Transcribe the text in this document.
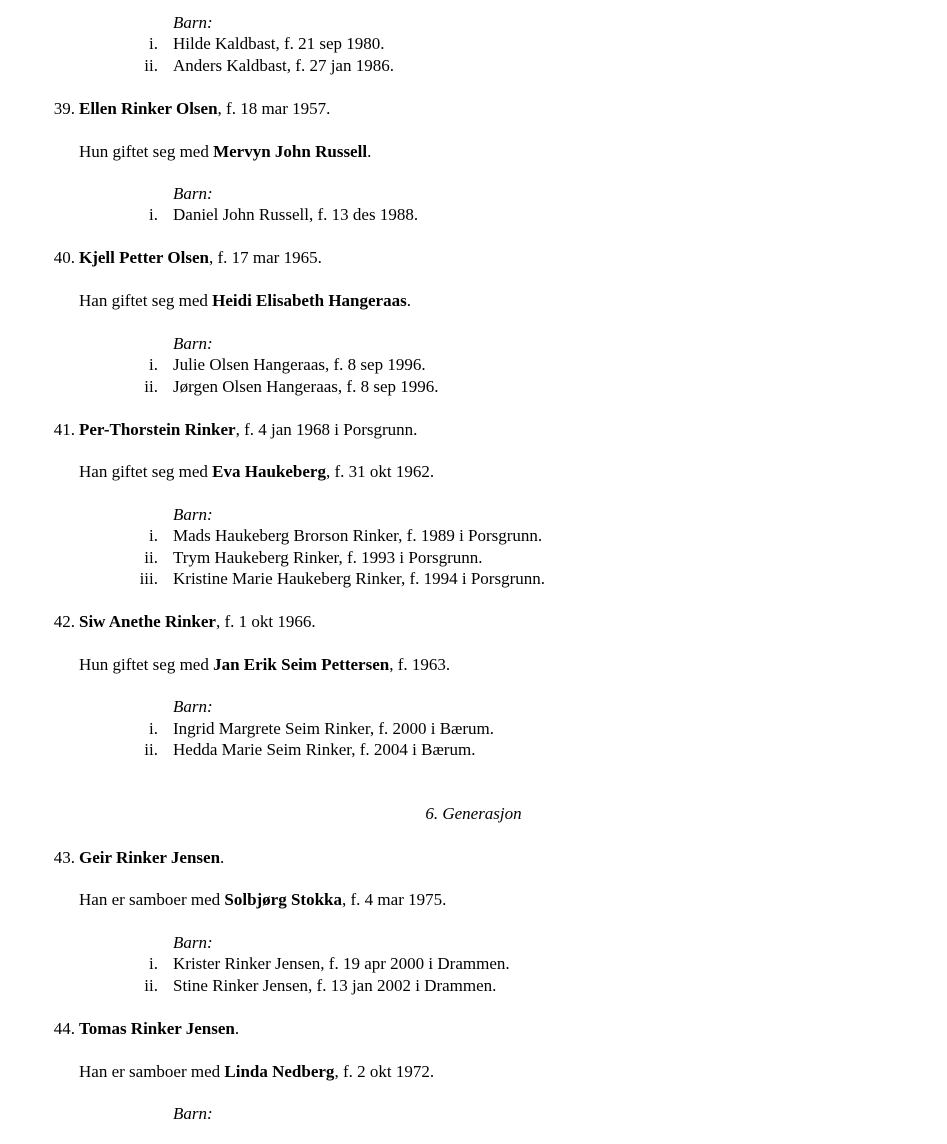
Barn:
i. Hilde Kaldbast, f. 21 sep 1980.
ii. Anders Kaldbast, f. 27 jan 1986.
39. Ellen Rinker Olsen, f. 18 mar 1957.
Hun giftet seg med Mervyn John Russell.
Barn:
i. Daniel John Russell, f. 13 des 1988.
40. Kjell Petter Olsen, f. 17 mar 1965.
Han giftet seg med Heidi Elisabeth Hangeraas.
Barn:
i. Julie Olsen Hangeraas, f. 8 sep 1996.
ii. Jørgen Olsen Hangeraas, f. 8 sep 1996.
41. Per-Thorstein Rinker, f. 4 jan 1968 i Porsgrunn.
Han giftet seg med Eva Haukeberg, f. 31 okt 1962.
Barn:
i. Mads Haukeberg Brorson Rinker, f. 1989 i Porsgrunn.
ii. Trym Haukeberg Rinker, f. 1993 i Porsgrunn.
iii. Kristine Marie Haukeberg Rinker, f. 1994 i Porsgrunn.
42. Siw Anethe Rinker, f. 1 okt 1966.
Hun giftet seg med Jan Erik Seim Pettersen, f. 1963.
Barn:
i. Ingrid Margrete Seim Rinker, f. 2000 i Bærum.
ii. Hedda Marie Seim Rinker, f. 2004 i Bærum.
6. Generasjon
43. Geir Rinker Jensen.
Han er samboer med Solbjørg Stokka, f. 4 mar 1975.
Barn:
i. Krister Rinker Jensen, f. 19 apr 2000 i Drammen.
ii. Stine Rinker Jensen, f. 13 jan 2002 i Drammen.
44. Tomas Rinker Jensen.
Han er samboer med Linda Nedberg, f. 2 okt 1972.
Barn:
